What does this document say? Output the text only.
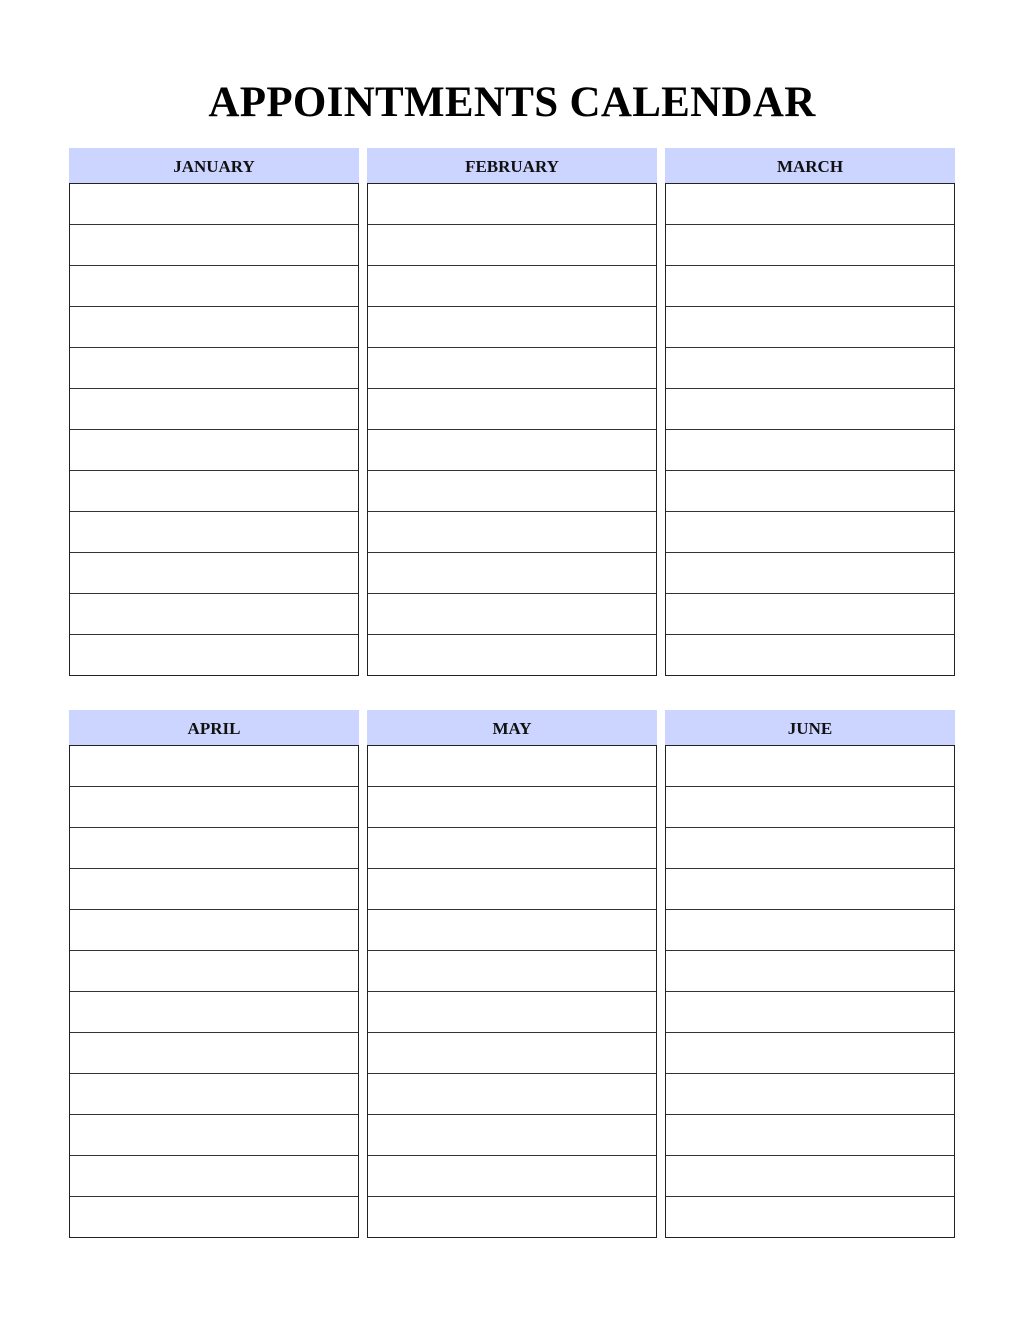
APPOINTMENTS CALENDAR
JANUARY	FEBRUARY	MARCH
APRIL	MAY	JUNE
